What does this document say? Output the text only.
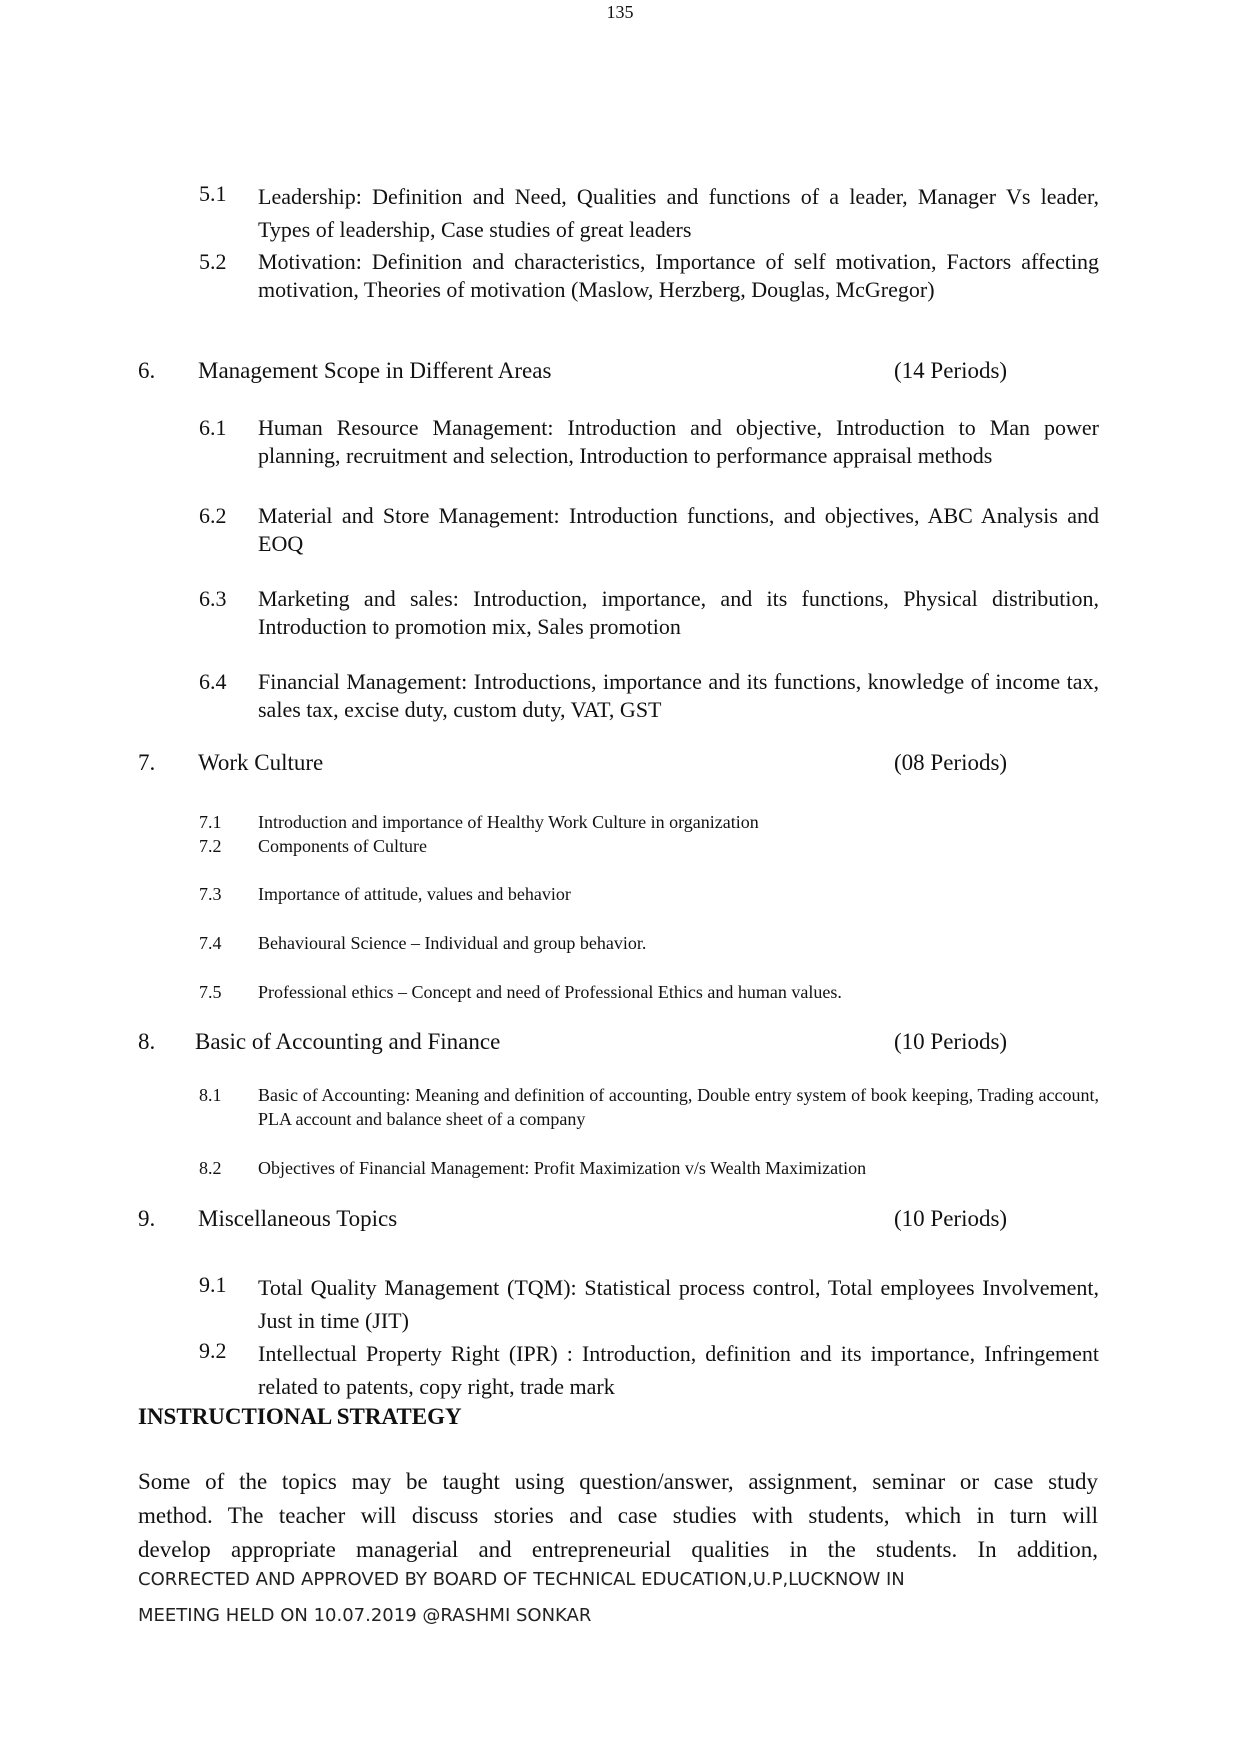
135
5.1 Leadership: Definition and Need, Qualities and functions of a leader, Manager Vs leader, Types of leadership, Case studies of great leaders
5.2 Motivation: Definition and characteristics, Importance of self motivation, Factors affecting motivation, Theories of motivation (Maslow, Herzberg, Douglas, McGregor)
6. Management Scope in Different Areas	(14 Periods)
6.1 Human Resource Management: Introduction and objective, Introduction to Man power planning, recruitment and selection, Introduction to performance appraisal methods
6.2 Material and Store Management: Introduction functions, and objectives, ABC Analysis and EOQ
6.3 Marketing and sales: Introduction, importance, and its functions, Physical distribution, Introduction to promotion mix, Sales promotion
6.4 Financial Management: Introductions, importance and its functions, knowledge of income tax, sales tax, excise duty, custom duty, VAT, GST
7. Work Culture	(08 Periods)
7.1 Introduction and importance of Healthy Work Culture in organization
7.2 Components of Culture
7.3 Importance of attitude, values and behavior
7.4 Behavioural Science – Individual and group behavior.
7.5 Professional ethics – Concept and need of Professional Ethics and human values.
8. Basic of Accounting and Finance	(10 Periods)
8.1 Basic of Accounting: Meaning and definition of accounting, Double entry system of book keeping, Trading account, PLA account and balance sheet of a company
8.2 Objectives of Financial Management: Profit Maximization v/s Wealth Maximization
9. Miscellaneous Topics	(10 Periods)
9.1 Total Quality Management (TQM): Statistical process control, Total employees Involvement, Just in time (JIT)
9.2 Intellectual Property Right (IPR) : Introduction, definition and its importance, Infringement related to patents, copy right, trade mark
INSTRUCTIONAL STRATEGY
Some of the topics may be taught using question/answer, assignment, seminar or case study
method. The teacher will discuss stories and case studies with students, which in turn will
develop appropriate managerial and entrepreneurial qualities in the students. In addition,
CORRECTED AND APPROVED BY BOARD OF TECHNICAL EDUCATION,U.P,LUCKNOW IN
MEETING HELD ON 10.07.2019 @RASHMI SONKAR
